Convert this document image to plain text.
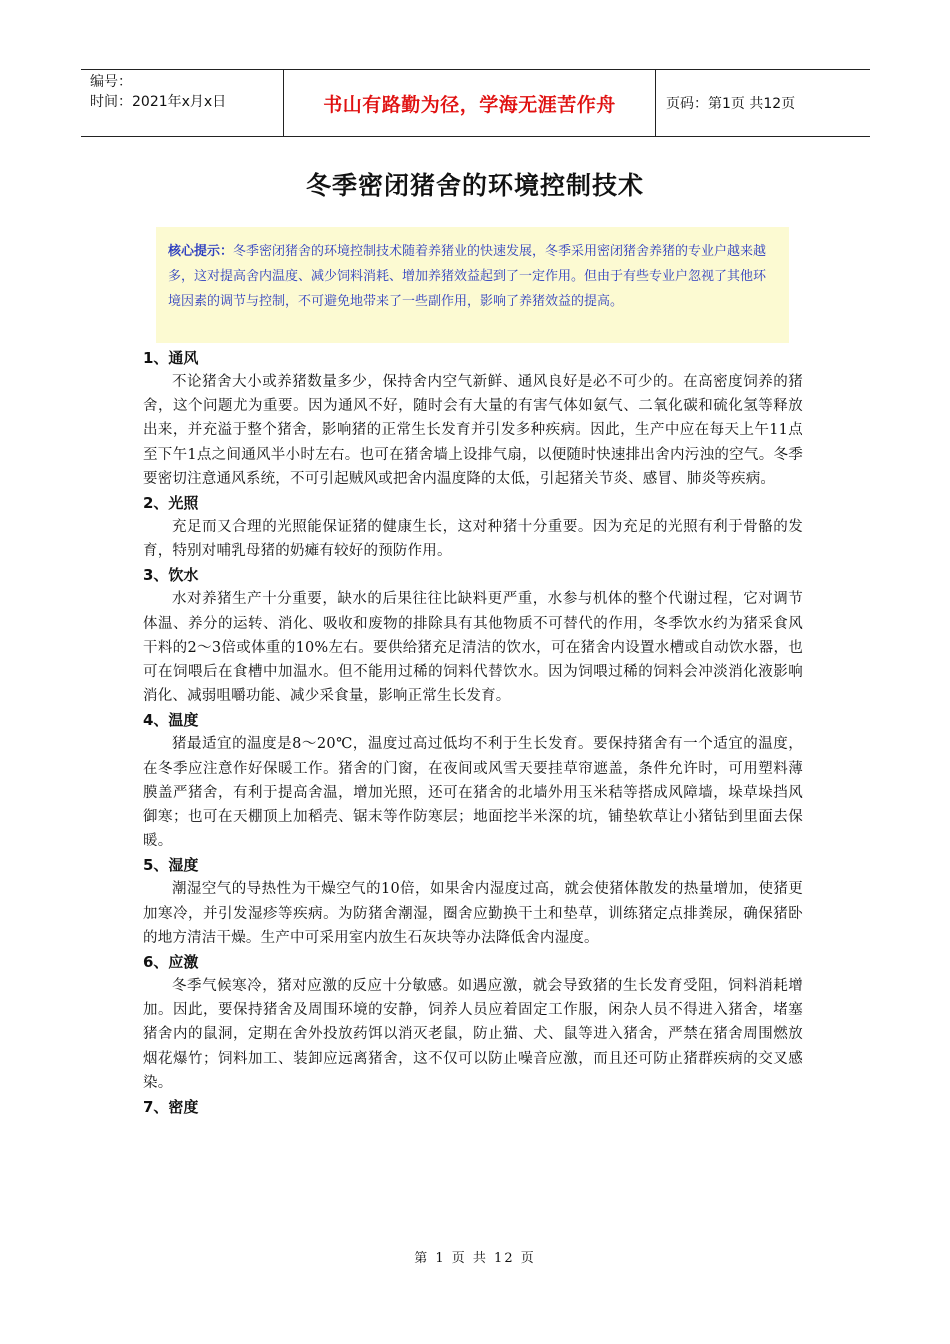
编号：
时间：2021年x月x日	书山有路勤为径，学海无涯苦作舟	页码：第1页 共12页
冬季密闭猪舍的环境控制技术
核心提示：冬季密闭猪舍的环境控制技术随着养猪业的快速发展，冬季采用密闭猪舍养猪的专业户越来越多，这对提高舍内温度、减少饲料消耗、增加养猪效益起到了一定作用。但由于有些专业户忽视了其他环境因素的调节与控制，不可避免地带来了一些副作用，影响了养猪效益的提高。
1、通风
不论猪舍大小或养猪数量多少，保持舍内空气新鲜、通风良好是必不可少的。在高密度饲养的猪舍，这个问题尤为重要。因为通风不好，随时会有大量的有害气体如氨气、二氧化碳和硫化氢等释放出来，并充溢于整个猪舍，影响猪的正常生长发育并引发多种疾病。因此，生产中应在每天上午11点至下午1点之间通风半小时左右。也可在猪舍墙上设排气扇，以便随时快速排出舍内污浊的空气。冬季要密切注意通风系统，不可引起贼风或把舍内温度降的太低，引起猪关节炎、感冒、肺炎等疾病。
2、光照
充足而又合理的光照能保证猪的健康生长，这对种猪十分重要。因为充足的光照有利于骨骼的发育，特别对哺乳母猪的奶瘫有较好的预防作用。
3、饮水
水对养猪生产十分重要，缺水的后果往往比缺料更严重，水参与机体的整个代谢过程，它对调节体温、养分的运转、消化、吸收和废物的排除具有其他物质不可替代的作用，冬季饮水约为猪采食风干料的2～3倍或体重的10%左右。要供给猪充足清洁的饮水，可在猪舍内设置水槽或自动饮水器，也可在饲喂后在食槽中加温水。但不能用过稀的饲料代替饮水。因为饲喂过稀的饲料会冲淡消化液影响消化、减弱咀嚼功能、减少采食量，影响正常生长发育。
4、温度
猪最适宜的温度是8～20℃，温度过高过低均不利于生长发育。要保持猪舍有一个适宜的温度，在冬季应注意作好保暖工作。猪舍的门窗，在夜间或风雪天要挂草帘遮盖，条件允许时，可用塑料薄膜盖严猪舍，有利于提高舍温，增加光照，还可在猪舍的北墙外用玉米秸等搭成风障墙，垛草垛挡风御寒；也可在天棚顶上加稻壳、锯末等作防寒层；地面挖半米深的坑，铺垫软草让小猪钻到里面去保暖。
5、湿度
潮湿空气的导热性为干燥空气的10倍，如果舍内湿度过高，就会使猪体散发的热量增加，使猪更加寒冷，并引发湿疹等疾病。为防猪舍潮湿，圈舍应勤换干土和垫草，训练猪定点排粪尿，确保猪卧的地方清洁干燥。生产中可采用室内放生石灰块等办法降低舍内湿度。
6、应激
冬季气候寒冷，猪对应激的反应十分敏感。如遇应激，就会导致猪的生长发育受阻，饲料消耗增加。因此，要保持猪舍及周围环境的安静，饲养人员应着固定工作服，闲杂人员不得进入猪舍，堵塞猪舍内的鼠洞，定期在舍外投放药饵以消灭老鼠，防止猫、犬、鼠等进入猪舍，严禁在猪舍周围燃放烟花爆竹；饲料加工、装卸应远离猪舍，这不仅可以防止噪音应激，而且还可防止猪群疾病的交叉感染。
7、密度
第 1 页 共 12 页
